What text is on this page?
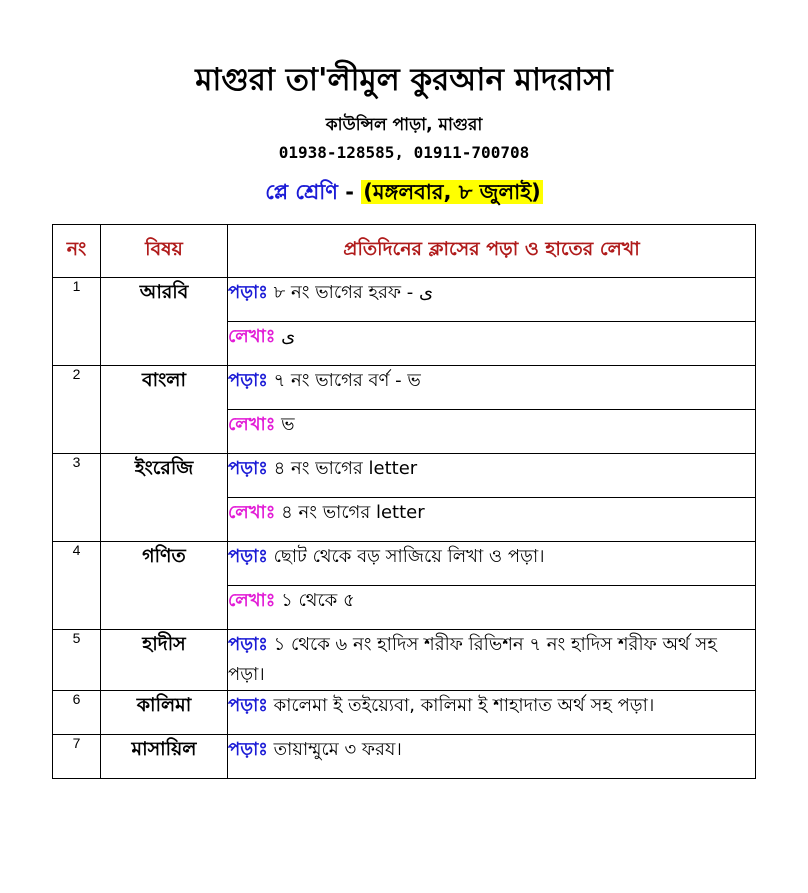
মাগুরা তা'লীমুল কুরআন মাদরাসা
কাউন্সিল পাড়া, মাগুরা
01938-128585, 01911-700708
প্লে শ্রেণি - (মঙ্গলবার, ৮ জুলাই)
নং	বিষয়	প্রতিদিনের ক্লাসের পড়া ও হাতের লেখা
1	আরবি	পড়াঃ ৮ নং ভাগের হরফ - ى
		লেখাঃ ى
2	বাংলা	পড়াঃ ৭ নং ভাগের বর্ণ - ভ
		লেখাঃ ভ
3	ইংরেজি	পড়াঃ ৪ নং ভাগের letter
		লেখাঃ ৪ নং ভাগের letter
4	গণিত	পড়াঃ ছোট থেকে বড় সাজিয়ে লিখা ও পড়া।
		লেখাঃ ১ থেকে ৫
5	হাদীস	পড়াঃ ১ থেকে ৬ নং হাদিস শরীফ রিভিশন ৭ নং হাদিস শরীফ অর্থ সহ পড়া।
6	কালিমা	পড়াঃ কালেমা ই তইয়্যেবা, কালিমা ই শাহাদাত অর্থ সহ পড়া।
7	মাসায়িল	পড়াঃ তায়াম্মুমে ৩ ফরয।
